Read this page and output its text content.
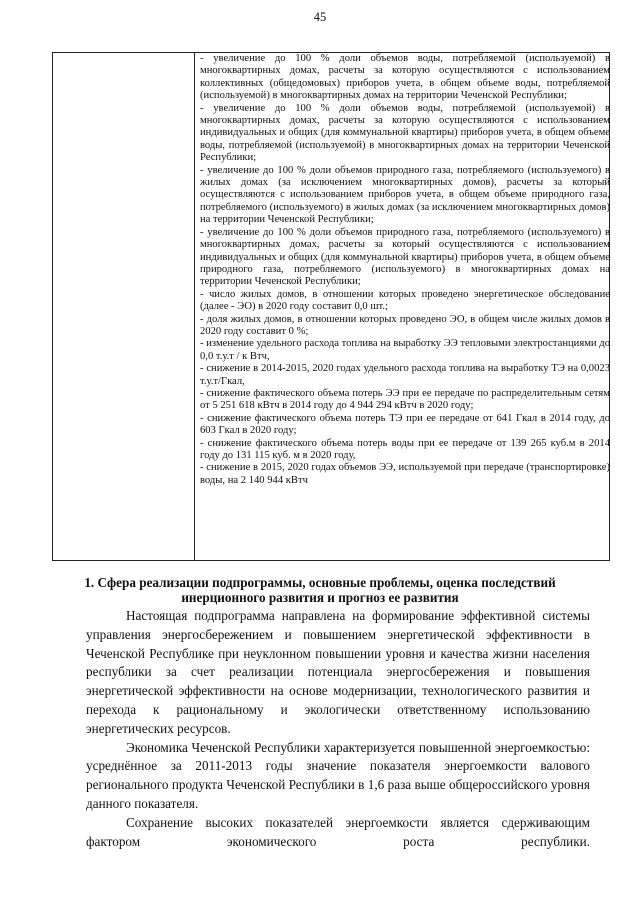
45

- увеличение до 100 % доли объемов воды, потребляемой (используемой) в многоквартирных домах, расчеты за которую осуществляются с использованием коллективных (общедомовых) приборов учета, в общем объеме воды, потребляемой (используемой) в многоквартирных домах на территории Чеченской Республики;

- увеличение до 100 % доли объемов воды, потребляемой (используемой) в многоквартирных домах, расчеты за которую осуществляются с использованием индивидуальных и общих (для коммунальной квартиры) приборов учета, в общем объеме воды, потребляемой (используемой) в многоквартирных домах на территории Чеченской Республики;

- увеличение до 100 % доли объемов природного газа, потребляемого (используемого) в жилых домах (за исключением многоквартирных домов), расчеты за который осуществляются с использованием приборов учета, в общем объеме природного газа, потребляемого (используемого) в жилых домах (за исключением многоквартирных домов) на территории Чеченской Республики;

- увеличение до 100 % доли объемов природного газа, потребляемого (используемого) в многоквартирных домах, расчеты за который осуществляются с использованием индивидуальных и общих (для коммунальной квартиры) приборов учета, в общем объеме природного газа, потребляемого (используемого) в многоквартирных домах на территории Чеченской Республики;

- число жилых домов, в отношении которых проведено энергетическое обследование (далее - ЭО) в 2020 году составит 0,0 шт.;

- доля жилых домов, в отношении которых проведено ЭО, в общем числе жилых домов в 2020 году составит 0 %;

- изменение удельного расхода топлива на выработку ЭЭ тепловыми электростанциями до 0,0 т.у.т / к Втч,

- снижение в 2014-2015, 2020 годах удельного расхода топлива на выработку ТЭ на 0,0023 т.у.т/Гкал,

- снижение фактического объема потерь ЭЭ при ее передаче по распределительным сетям от 5 251 618 кВтч в 2014 году до 4 944 294 кВтч в 2020 году;

- снижение фактического объема потерь ТЭ при ее передаче от 641 Гкал в 2014 году, до 603 Гкал в 2020 году;

- снижение фактического объема потерь воды при ее передаче от 139 265 куб.м в 2014 году до 131 115 куб. м в 2020 году,

- снижение в 2015, 2020 годах объемов ЭЭ, используемой при передаче (транспортировке) воды, на 2 140 944 кВтч

1. Сфера реализации подпрограммы, основные проблемы, оценка последствий инерционного развития и прогноз ее развития

Настоящая подпрограмма направлена на формирование эффективной системы управления энергосбережением и повышением энергетической эффективности в Чеченской Республике при неуклонном повышении уровня и качества жизни населения республики за счет реализации потенциала энергосбережения и повышения энергетической эффективности на основе модернизации, технологического развития и перехода к рациональному и экологически ответственному использованию энергетических ресурсов.

Экономика Чеченской Республики характеризуется повышенной энергоемкостью: усреднённое за 2011-2013 годы значение показателя энергоемкости валового регионального продукта Чеченской Республики в 1,6 раза выше общероссийского уровня данного показателя.

Сохранение высоких показателей энергоемкости является сдерживающим фактором экономического роста республики.
